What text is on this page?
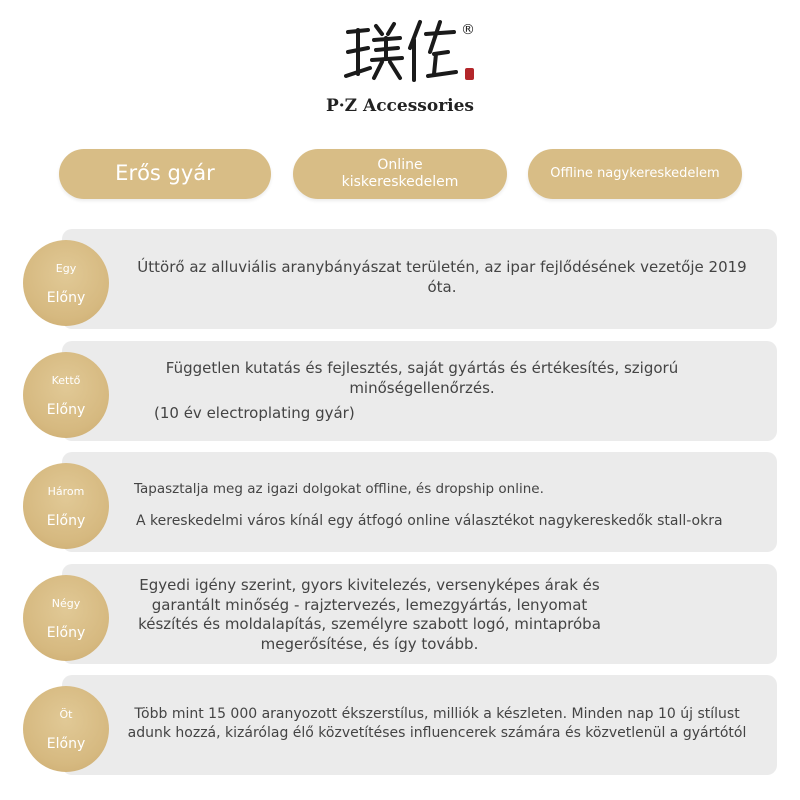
®
P·Z Accessories
Erős gyár	Online kiskereskedelem
Offline nagykereskedelem
Úttörő az alluviális aranybányászat területén, az ipar fejlődésének vezetője 2019 óta.
Egy
Előny
Független kutatás és fejlesztés, saját gyártás és értékesítés, szigorú minőségellenőrzés.
(10 év electroplating gyár)
Kettő
Előny
Tapasztalja meg az igazi dolgokat offline, és dropship online.
A kereskedelmi város kínál egy átfogó online választékot nagykereskedők stall-okra
Három
Előny
Egyedi igény szerint, gyors kivitelezés, versenyképes árak és garantált minőség - rajztervezés, lemezgyártás, lenyomat készítés és moldalapítás, személyre szabott logó, mintapróba megerősítése, és így tovább.
Négy
Előny
Több mint 15 000 aranyozott ékszerstílus, milliók a készleten. Minden nap 10 új stílust adunk hozzá, kizárólag élő közvetítéses influencerek számára és közvetlenül a gyártótól
Öt
Előny
